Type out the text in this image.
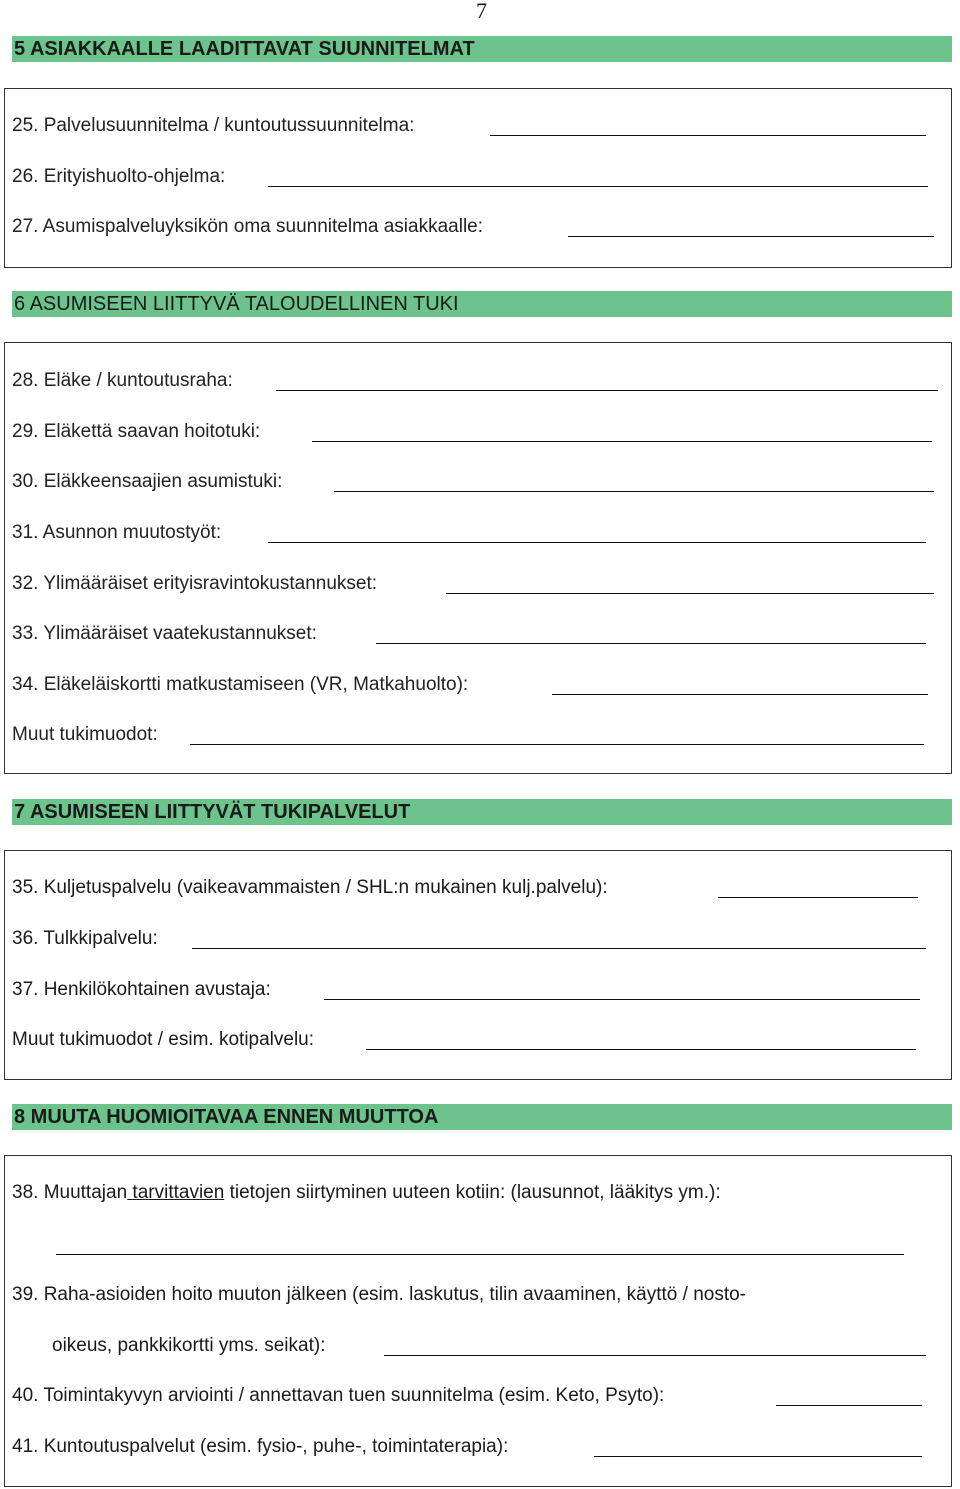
7
5 ASIAKKAALLE LAADITTAVAT SUUNNITELMAT
25. Palvelusuunnitelma / kuntoutussuunnitelma:
26. Erityishuolto-ohjelma:
27. Asumispalveluyksikön oma suunnitelma asiakkaalle:
6 ASUMISEEN LIITTYVÄ TALOUDELLINEN TUKI
28. Eläke / kuntoutusraha:
29. Eläkettä saavan hoitotuki:
30. Eläkkeensaajien asumistuki:
31. Asunnon muutostyöt:
32. Ylimääräiset erityisravintokustannukset:
33. Ylimääräiset vaatekustannukset:
34. Eläkeläiskortti matkustamiseen (VR, Matkahuolto):
Muut tukimuodot:
7 ASUMISEEN LIITTYVÄT TUKIPALVELUT
35. Kuljetuspalvelu (vaikeavammaisten / SHL:n mukainen kulj.palvelu):
36. Tulkkipalvelu:
37. Henkilökohtainen avustaja:
Muut tukimuodot / esim. kotipalvelu:
8 MUUTA HUOMIOITAVAA ENNEN MUUTTOA
38. Muuttajan tarvittavien tietojen siirtyminen uuteen kotiin: (lausunnot, lääkitys ym.):
39. Raha-asioiden hoito muuton jälkeen (esim. laskutus, tilin avaaminen, käyttö / nosto-
oikeus, pankkikortti yms. seikat):
40. Toimintakyvyn arviointi / annettavan tuen suunnitelma (esim. Keto, Psyto):
41. Kuntoutuspalvelut (esim. fysio-, puhe-, toimintaterapia):
